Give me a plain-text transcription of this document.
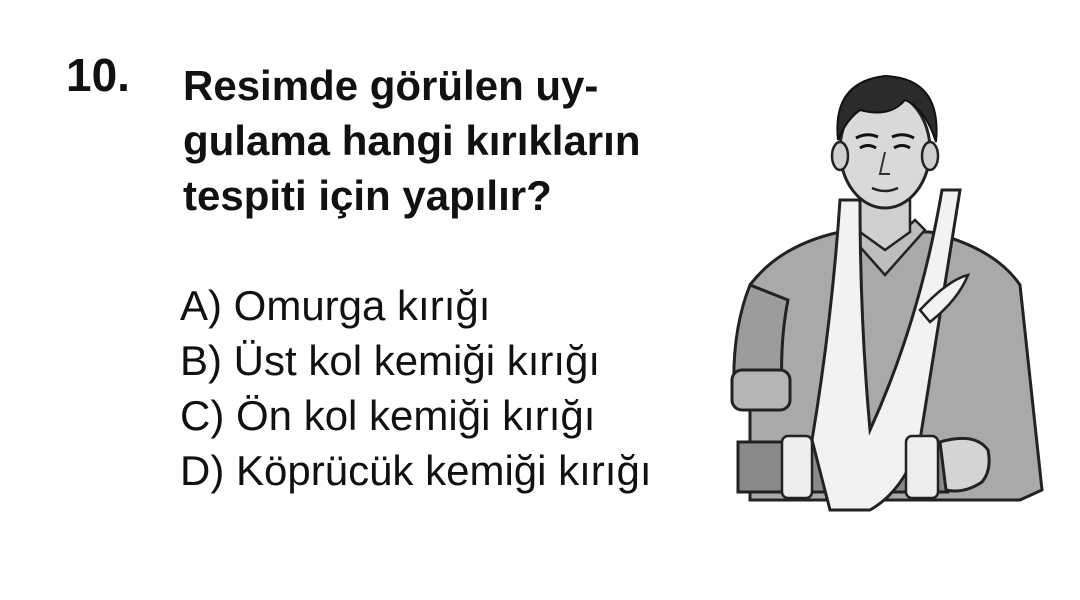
10. Resimde görülen uy-
gulama hangi kırıkların
tespiti için yapılır?
A) Omurga kırığı
B) Üst kol kemiği kırığı
C) Ön kol kemiği kırığı
D) Köprücük kemiği kırığı
